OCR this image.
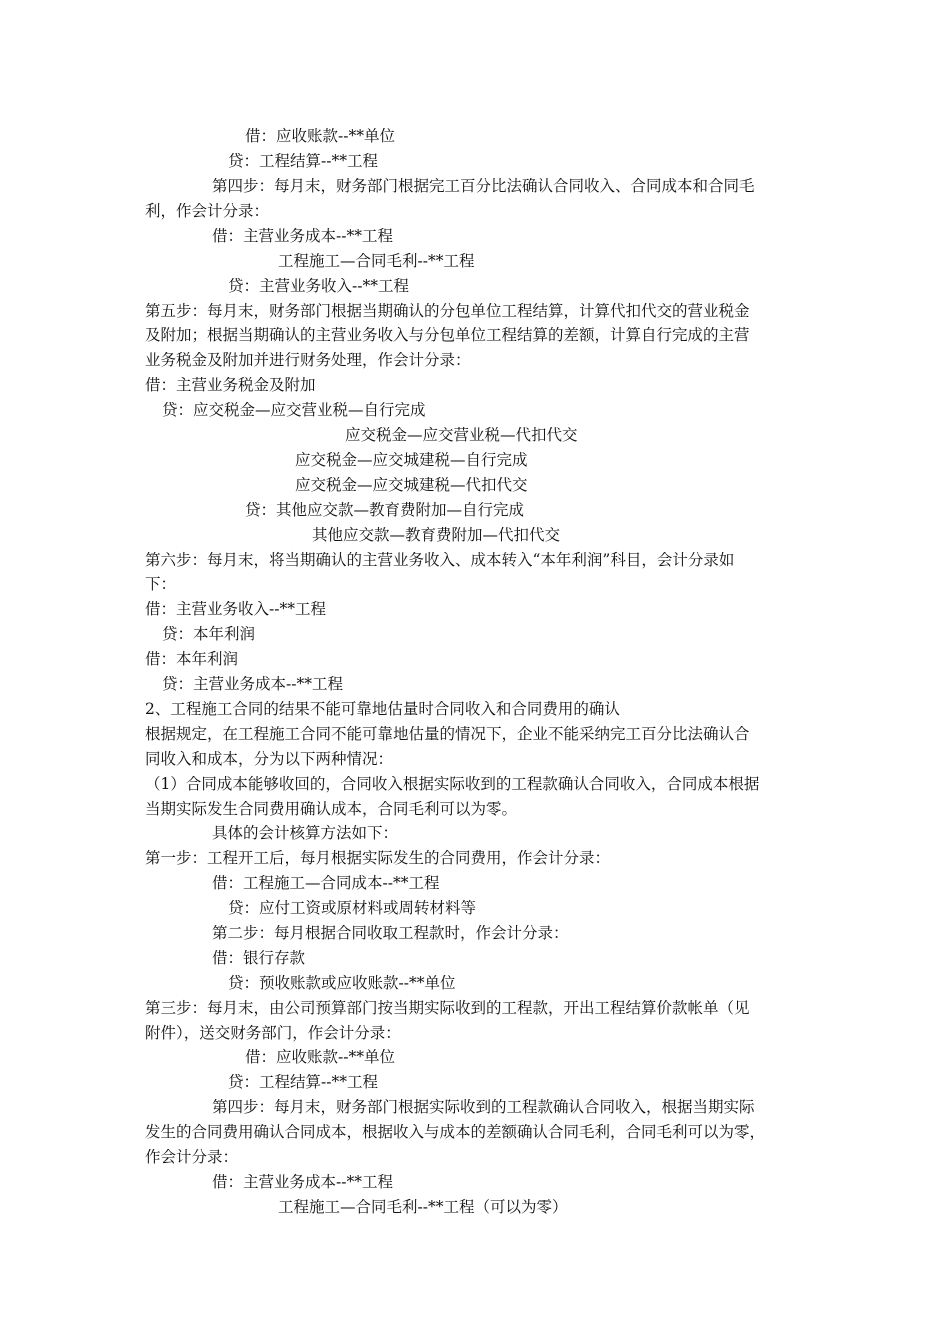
借：应收账款--**单位
贷：工程结算--**工程
第四步：每月末，财务部门根据完工百分比法确认合同收入、合同成本和合同毛
利，作会计分录：
借：主营业务成本--**工程
工程施工—合同毛利--**工程
贷：主营业务收入--**工程
第五步：每月末，财务部门根据当期确认的分包单位工程结算，计算代扣代交的营业税金
及附加；根据当期确认的主营业务收入与分包单位工程结算的差额，计算自行完成的主营
业务税金及附加并进行财务处理，作会计分录：
借：主营业务税金及附加
贷：应交税金—应交营业税—自行完成
应交税金—应交营业税—代扣代交
应交税金—应交城建税—自行完成
应交税金—应交城建税—代扣代交
贷：其他应交款—教育费附加—自行完成
其他应交款—教育费附加—代扣代交
第六步：每月末，将当期确认的主营业务收入、成本转入“本年利润”科目，会计分录如
下：
借：主营业务收入--**工程
贷：本年利润
借：本年利润
贷：主营业务成本--**工程
2、工程施工合同的结果不能可靠地估量时合同收入和合同费用的确认
根据规定，在工程施工合同不能可靠地估量的情况下，企业不能采纳完工百分比法确认合
同收入和成本，分为以下两种情况：
（1）合同成本能够收回的，合同收入根据实际收到的工程款确认合同收入，合同成本根据
当期实际发生合同费用确认成本，合同毛利可以为零。
具体的会计核算方法如下：
第一步：工程开工后，每月根据实际发生的合同费用，作会计分录：
借：工程施工—合同成本--**工程
贷：应付工资或原材料或周转材料等
第二步：每月根据合同收取工程款时，作会计分录：
借：银行存款
贷：预收账款或应收账款--**单位
第三步：每月末，由公司预算部门按当期实际收到的工程款，开出工程结算价款帐单（见
附件），送交财务部门，作会计分录：
借：应收账款--**单位
贷：工程结算--**工程
第四步：每月末，财务部门根据实际收到的工程款确认合同收入，根据当期实际
发生的合同费用确认合同成本，根据收入与成本的差额确认合同毛利，合同毛利可以为零，
作会计分录：
借：主营业务成本--**工程
工程施工—合同毛利--**工程（可以为零）
